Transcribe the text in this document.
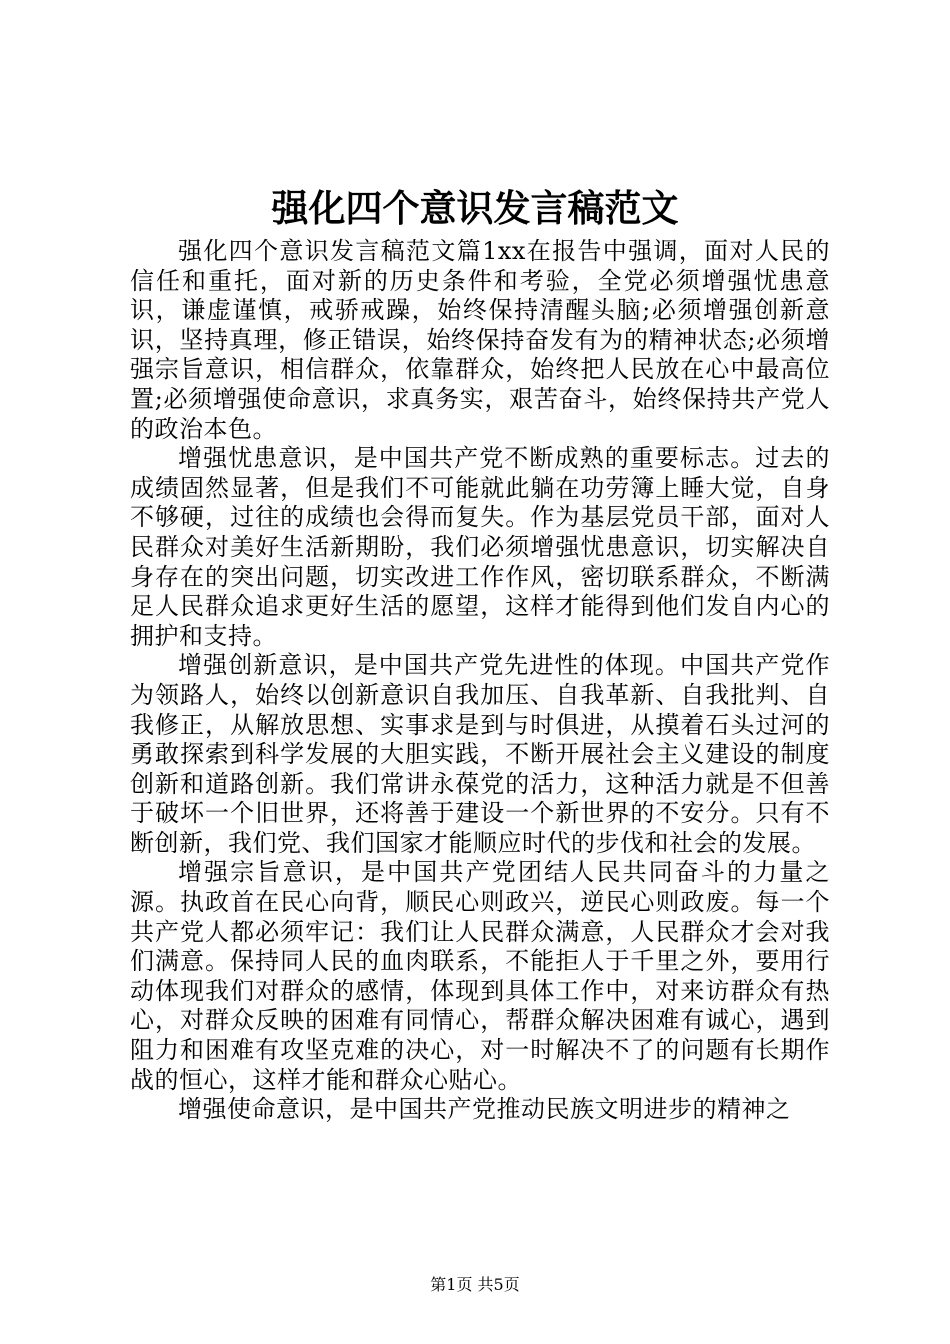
强化四个意识发言稿范文

强化四个意识发言稿范文篇1xx在报告中强调，面对人民的信任和重托，面对新的历史条件和考验，全党必须增强忧患意识，谦虚谨慎，戒骄戒躁，始终保持清醒头脑;必须增强创新意识，坚持真理，修正错误，始终保持奋发有为的精神状态;必须增强宗旨意识，相信群众，依靠群众，始终把人民放在心中最高位置;必须增强使命意识，求真务实，艰苦奋斗，始终保持共产党人的政治本色。

增强忧患意识，是中国共产党不断成熟的重要标志。过去的成绩固然显著，但是我们不可能就此躺在功劳簿上睡大觉，自身不够硬，过往的成绩也会得而复失。作为基层党员干部，面对人民群众对美好生活新期盼，我们必须增强忧患意识，切实解决自身存在的突出问题，切实改进工作作风，密切联系群众，不断满足人民群众追求更好生活的愿望，这样才能得到他们发自内心的拥护和支持。

增强创新意识，是中国共产党先进性的体现。中国共产党作为领路人，始终以创新意识自我加压、自我革新、自我批判、自我修正，从解放思想、实事求是到与时俱进，从摸着石头过河的勇敢探索到科学发展的大胆实践，不断开展社会主义建设的制度创新和道路创新。我们常讲永葆党的活力，这种活力就是不但善于破坏一个旧世界，还将善于建设一个新世界的不安分。只有不断创新，我们党、我们国家才能顺应时代的步伐和社会的发展。

增强宗旨意识，是中国共产党团结人民共同奋斗的力量之源。执政首在民心向背，顺民心则政兴，逆民心则政废。每一个共产党人都必须牢记：我们让人民群众满意，人民群众才会对我们满意。保持同人民的血肉联系，不能拒人于千里之外，要用行动体现我们对群众的感情，体现到具体工作中，对来访群众有热心，对群众反映的困难有同情心，帮群众解决困难有诚心，遇到阻力和困难有攻坚克难的决心，对一时解决不了的问题有长期作战的恒心，这样才能和群众心贴心。

增强使命意识，是中国共产党推动民族文明进步的精神之

第1页 共5页
